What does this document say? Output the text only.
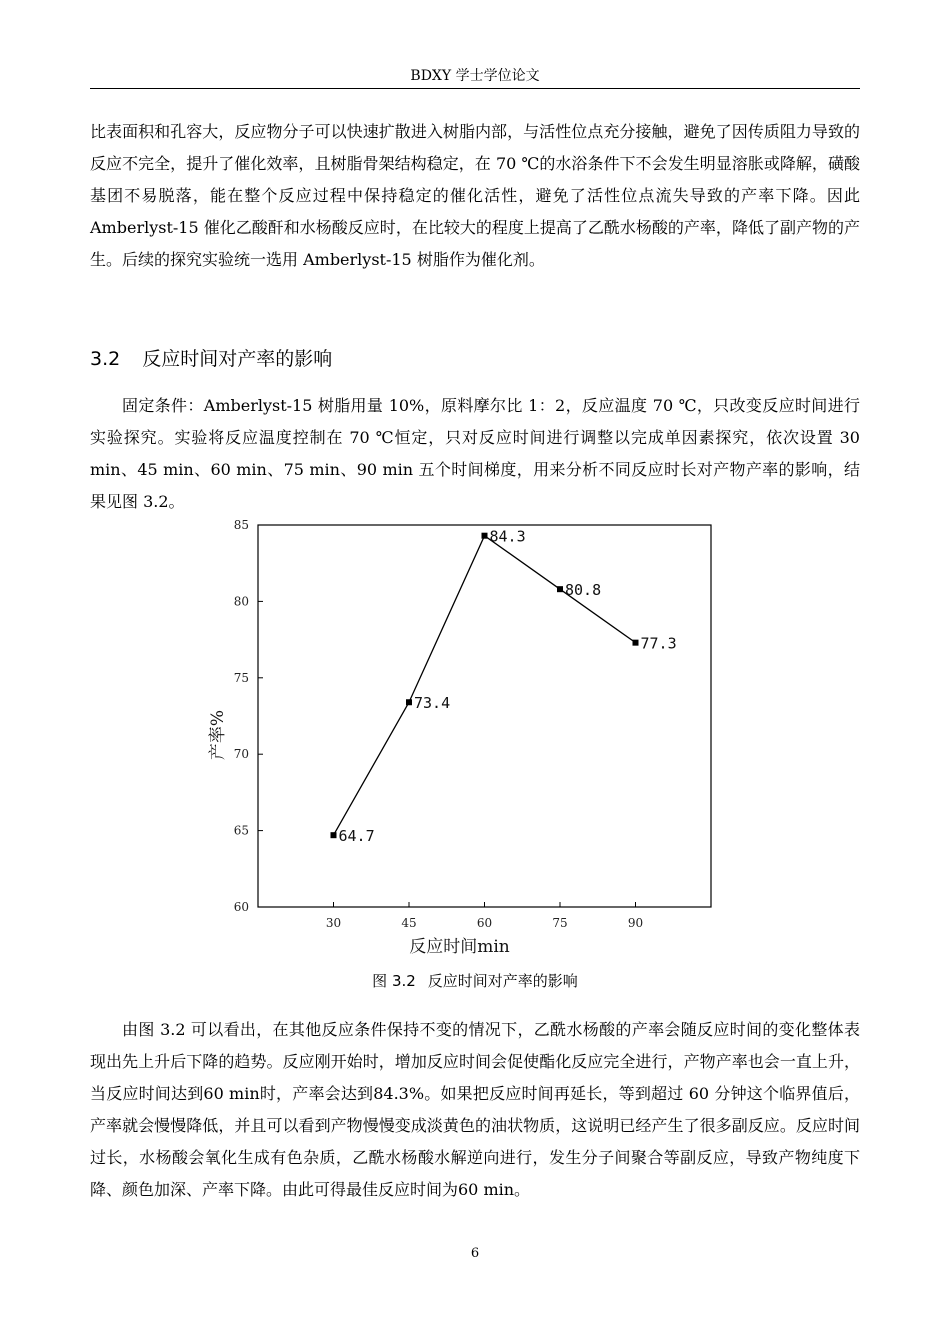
BDXY 学士学位论文

比表面积和孔容大，反应物分子可以快速扩散进入树脂内部，与活性位点充分接触，避免了因传质阻力导致的反应不完全，提升了催化效率，且树脂骨架结构稳定，在 70 ℃的水浴条件下不会发生明显溶胀或降解，磺酸基团不易脱落，能在整个反应过程中保持稳定的催化活性，避免了活性位点流失导致的产率下降。因此 Amberlyst-15 催化乙酸酐和水杨酸反应时，在比较大的程度上提高了乙酰水杨酸的产率，降低了副产物的产生。后续的探究实验统一选用 Amberlyst-15 树脂作为催化剂。

3.2 反应时间对产率的影响

固定条件：Amberlyst-15 树脂用量 10%，原料摩尔比 1：2，反应温度 70 ℃，只改变反应时间进行实验探究。实验将反应温度控制在 70 ℃恒定，只对反应时间进行调整以完成单因素探究，依次设置 30 min、45 min、60 min、75 min、90 min 五个时间梯度，用来分析不同反应时长对产物产率的影响，结果见图 3.2。

30	45	60	75	90
60
65
70
75
80
85
64.7
73.4
84.3
80.8
77.3
反应时间min
产率%
图 3.2 反应时间对产率的影响

由图 3.2 可以看出，在其他反应条件保持不变的情况下，乙酰水杨酸的产率会随反应时间的变化整体表现出先上升后下降的趋势。反应刚开始时，增加反应时间会促使酯化反应完全进行，产物产率也会一直上升，当反应时间达到60 min时，产率会达到84.3%。如果把反应时间再延长，等到超过 60 分钟这个临界值后，产率就会慢慢降低，并且可以看到产物慢慢变成淡黄色的油状物质，这说明已经产生了很多副反应。反应时间过长，水杨酸会氧化生成有色杂质，乙酰水杨酸水解逆向进行，发生分子间聚合等副反应，导致产物纯度下降、颜色加深、产率下降。由此可得最佳反应时间为60 min。

6
